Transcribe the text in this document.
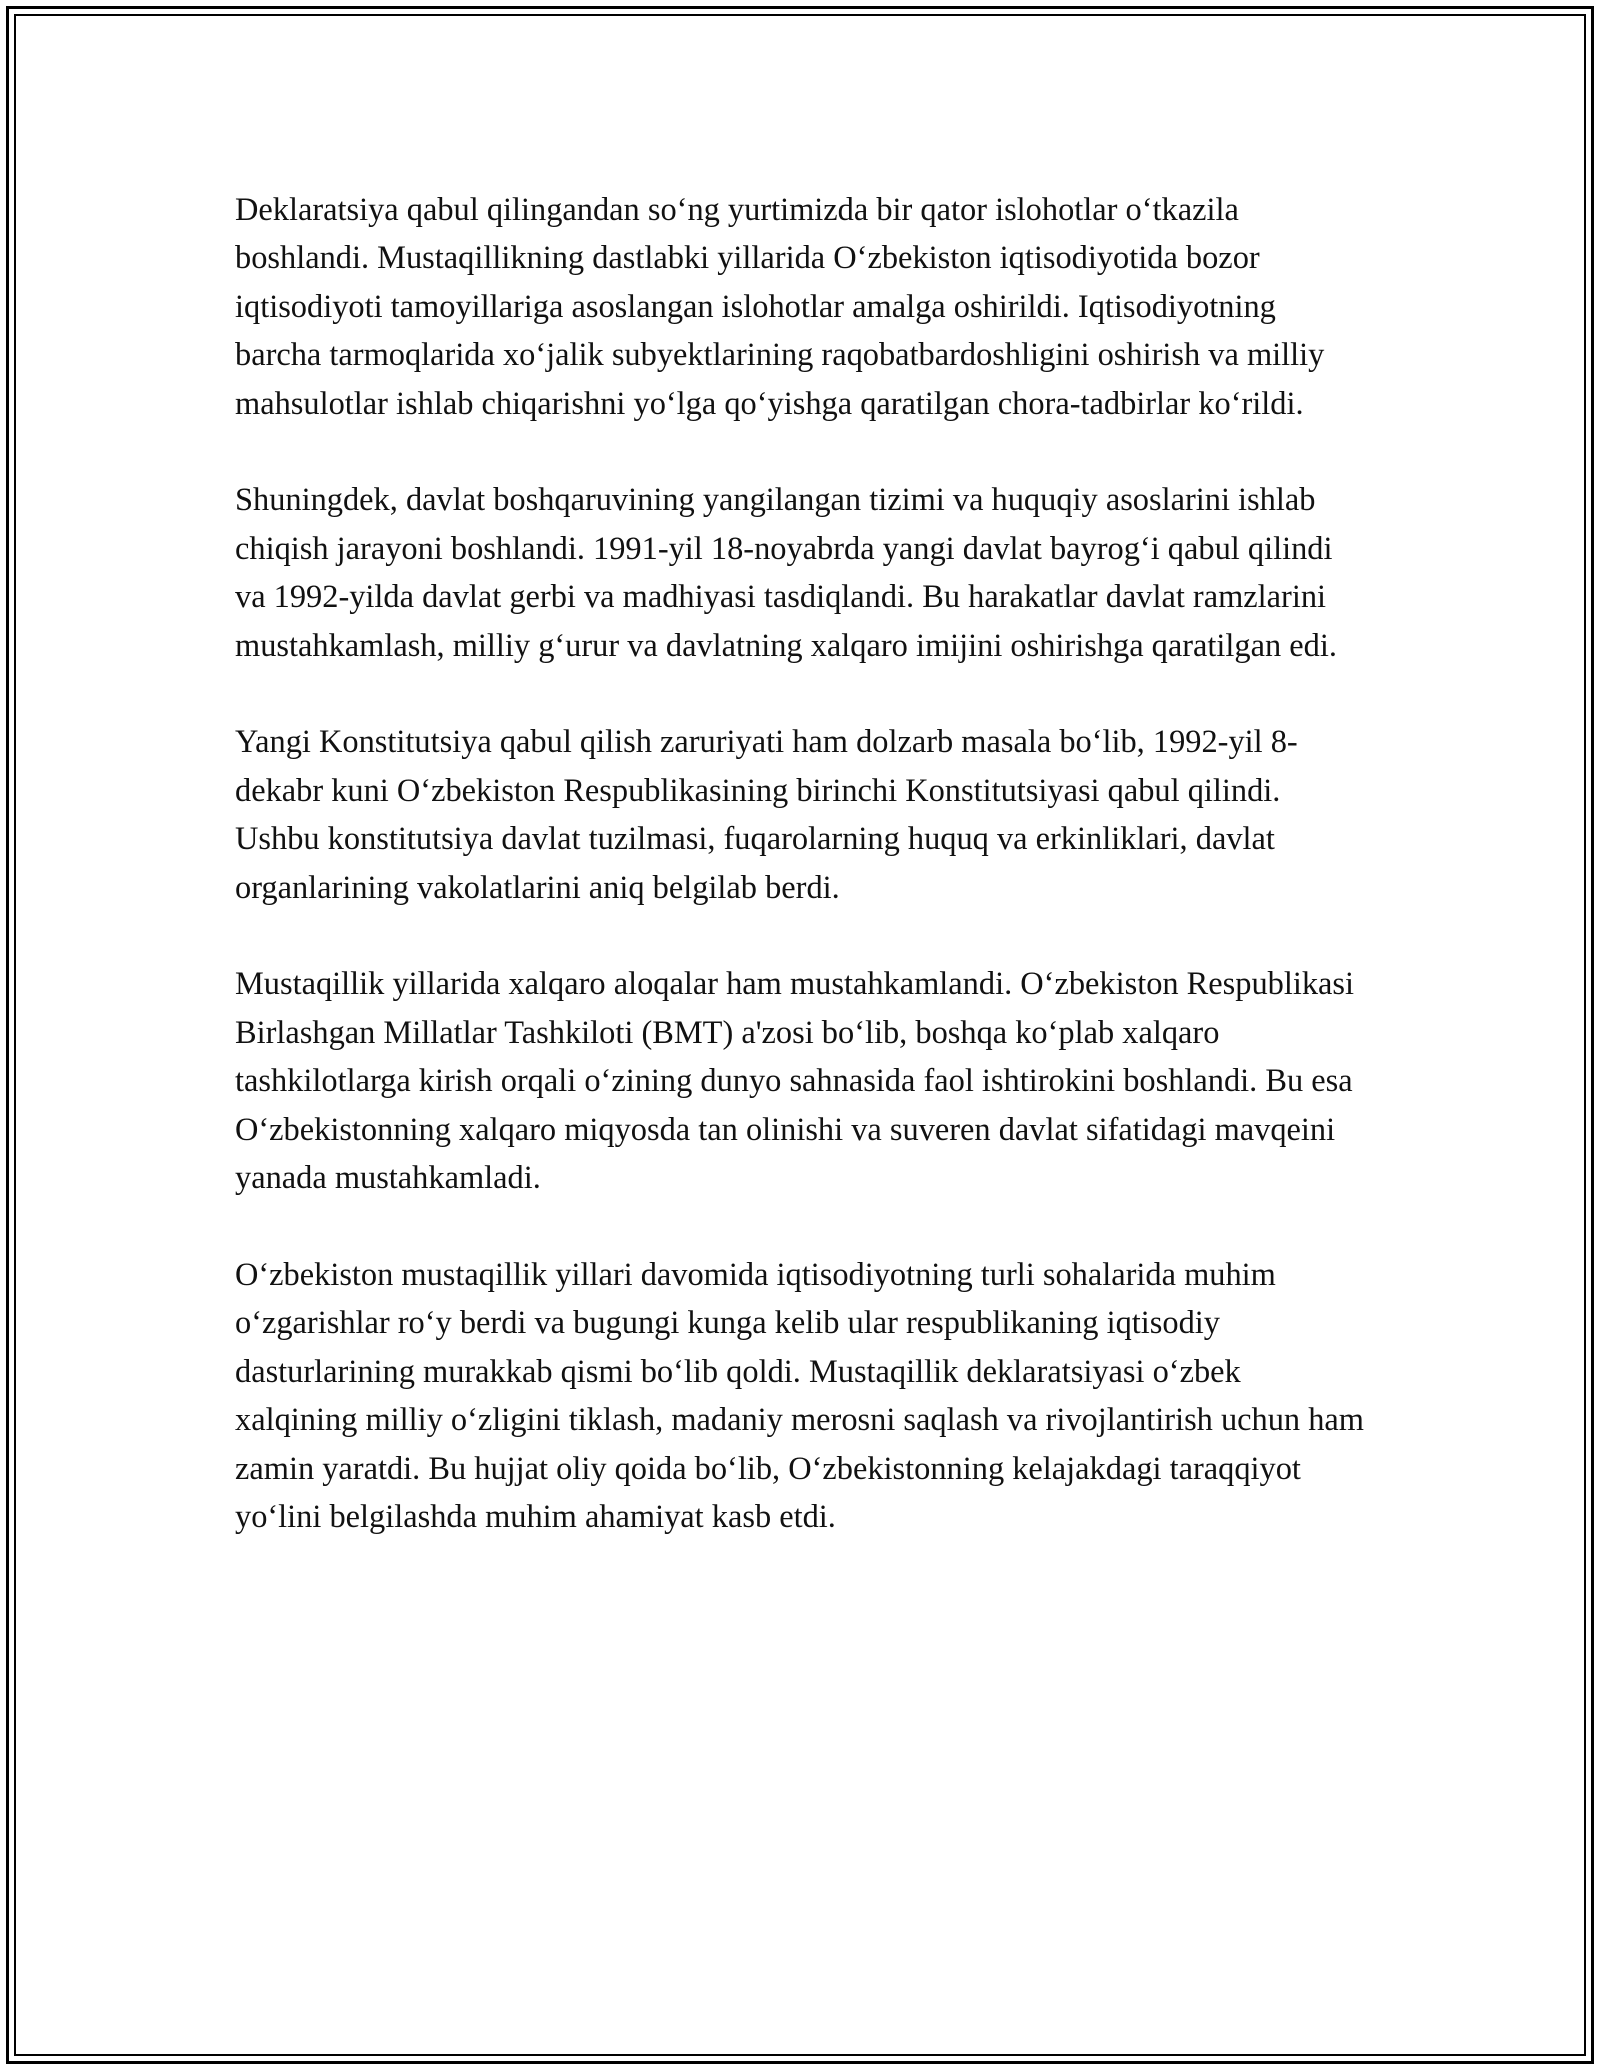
Deklaratsiya qabul qilingandan so‘ng yurtimizda bir qator islohotlar o‘tkazila boshlandi. Mustaqillikning dastlabki yillarida O‘zbekiston iqtisodiyotida bozor iqtisodiyoti tamoyillariga asoslangan islohotlar amalga oshirildi. Iqtisodiyotning barcha tarmoqlarida xo‘jalik subyektlarining raqobatbardoshligini oshirish va milliy mahsulotlar ishlab chiqarishni yo‘lga qo‘yishga qaratilgan chora-tadbirlar ko‘rildi.

Shuningdek, davlat boshqaruvining yangilangan tizimi va huquqiy asoslarini ishlab chiqish jarayoni boshlandi. 1991-yil 18-noyabrda yangi davlat bayrog‘i qabul qilindi va 1992-yilda davlat gerbi va madhiyasi tasdiqlandi. Bu harakatlar davlat ramzlarini mustahkamlash, milliy g‘urur va davlatning xalqaro imijini oshirishga qaratilgan edi.

Yangi Konstitutsiya qabul qilish zaruriyati ham dolzarb masala bo‘lib, 1992-yil 8-dekabr kuni O‘zbekiston Respublikasining birinchi Konstitutsiyasi qabul qilindi. Ushbu konstitutsiya davlat tuzilmasi, fuqarolarning huquq va erkinliklari, davlat organlarining vakolatlarini aniq belgilab berdi.

Mustaqillik yillarida xalqaro aloqalar ham mustahkamlandi. O‘zbekiston Respublikasi Birlashgan Millatlar Tashkiloti (BMT) a'zosi bo‘lib, boshqa ko‘plab xalqaro tashkilotlarga kirish orqali o‘zining dunyo sahnasida faol ishtirokini boshlandi. Bu esa O‘zbekistonning xalqaro miqyosda tan olinishi va suveren davlat sifatidagi mavqeini yanada mustahkamladi.

O‘zbekiston mustaqillik yillari davomida iqtisodiyotning turli sohalarida muhim o‘zgarishlar ro‘y berdi va bugungi kunga kelib ular respublikaning iqtisodiy dasturlarining murakkab qismi bo‘lib qoldi. Mustaqillik deklaratsiyasi o‘zbek xalqining milliy o‘zligini tiklash, madaniy merosni saqlash va rivojlantirish uchun ham zamin yaratdi. Bu hujjat oliy qoida bo‘lib, O‘zbekistonning kelajakdagi taraqqiyot yo‘lini belgilashda muhim ahamiyat kasb etdi.
